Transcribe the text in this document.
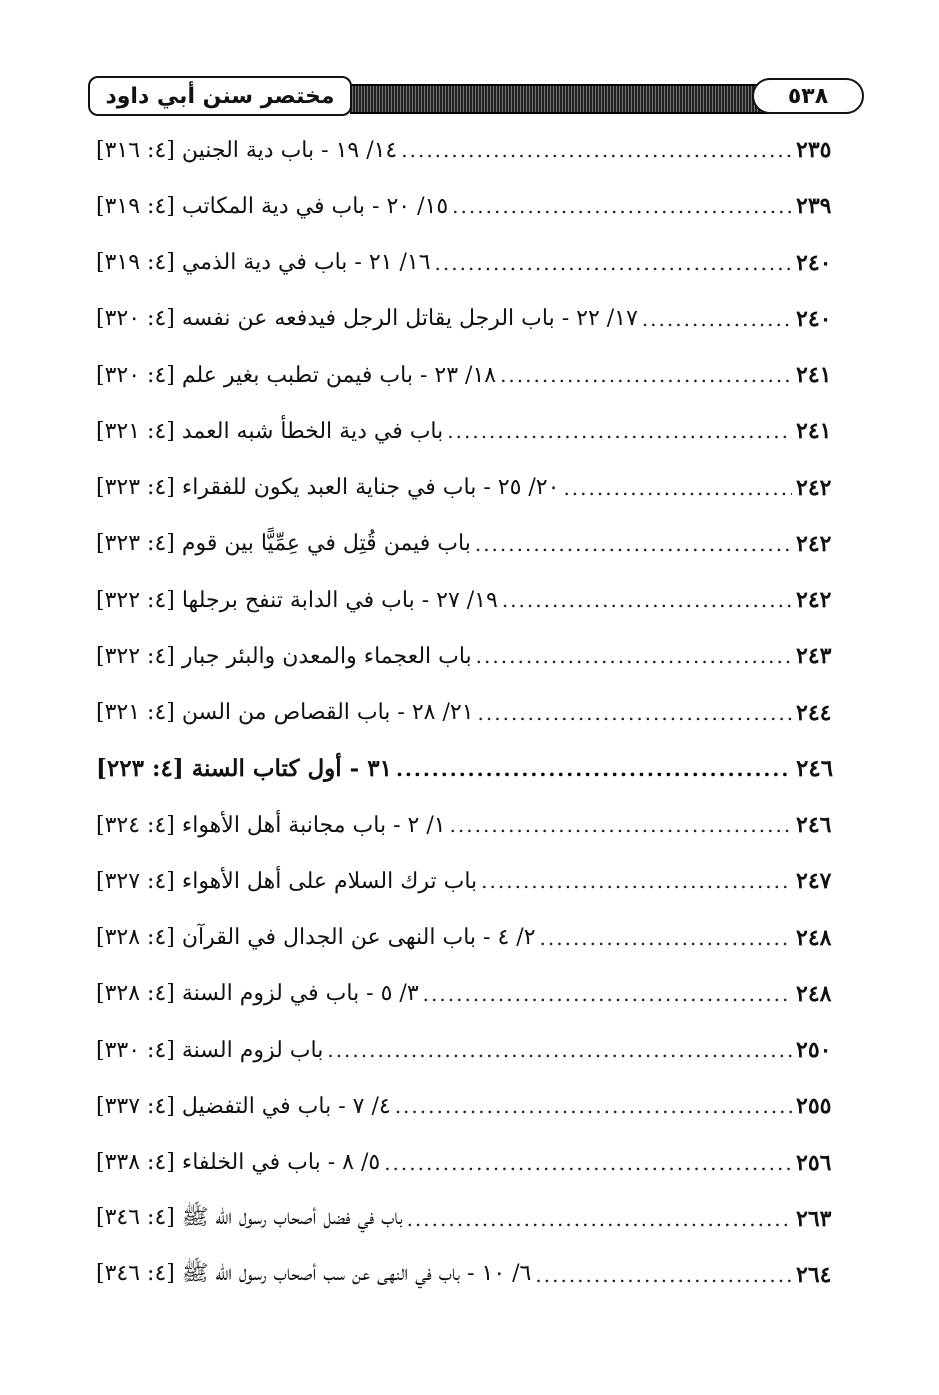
مختصر سنن أبي داود	٥٣٨
١٤/ ١٩ - باب دية الجنين [٤: ٣١٦] .....	٢٣٥
١٥/ ٢٠ - باب في دية المكاتب [٤: ٣١٩] .....	٢٣٩
١٦/ ٢١ - باب في دية الذمي [٤: ٣١٩] .....	٢٤٠
١٧/ ٢٢ - باب الرجل يقاتل الرجل فيدفعه عن نفسه [٤: ٣٢٠] .....	٢٤٠
١٨/ ٢٣ - باب فيمن تطبب بغير علم [٤: ٣٢٠] .....	٢٤١
باب في دية الخطأ شبه العمد [٤: ٣٢١] .....	٢٤١
٢٠/ ٢٥ - باب في جناية العبد يكون للفقراء [٤: ٣٢٣] .....	٢٤٢
باب فيمن قُتِل في عِمِّيًّا بين قوم [٤: ٣٢٣] .....	٢٤٢
١٩/ ٢٧ - باب في الدابة تنفح برجلها [٤: ٣٢٢] .....	٢٤٢
باب العجماء والمعدن والبئر جبار [٤: ٣٢٢] .....	٢٤٣
٢١/ ٢٨ - باب القصاص من السن [٤: ٣٢١] .....	٢٤٤
٣١ - أول كتاب السنة [٤: ٢٢٣] .....	٢٤٦
١/ ٢ - باب مجانبة أهل الأهواء [٤: ٣٢٤] .....	٢٤٦
باب ترك السلام على أهل الأهواء [٤: ٣٢٧] .....	٢٤٧
٢/ ٤ - باب النهى عن الجدال في القرآن [٤: ٣٢٨] .....	٢٤٨
٣/ ٥ - باب في لزوم السنة [٤: ٣٢٨] .....	٢٤٨
باب لزوم السنة [٤: ٣٣٠] .....	٢٥٠
٤/ ٧ - باب في التفضيل [٤: ٣٣٧] .....	٢٥٥
٥/ ٨ - باب في الخلفاء [٤: ٣٣٨] .....	٢٥٦
باب في فضل أصحاب رسول الله ﷺ [٤: ٣٤٦] .....	٢٦٣
٦/ ١٠ - باب في النهى عن سب أصحاب رسول الله ﷺ [٤: ٣٤٦] .....	٢٦٤
